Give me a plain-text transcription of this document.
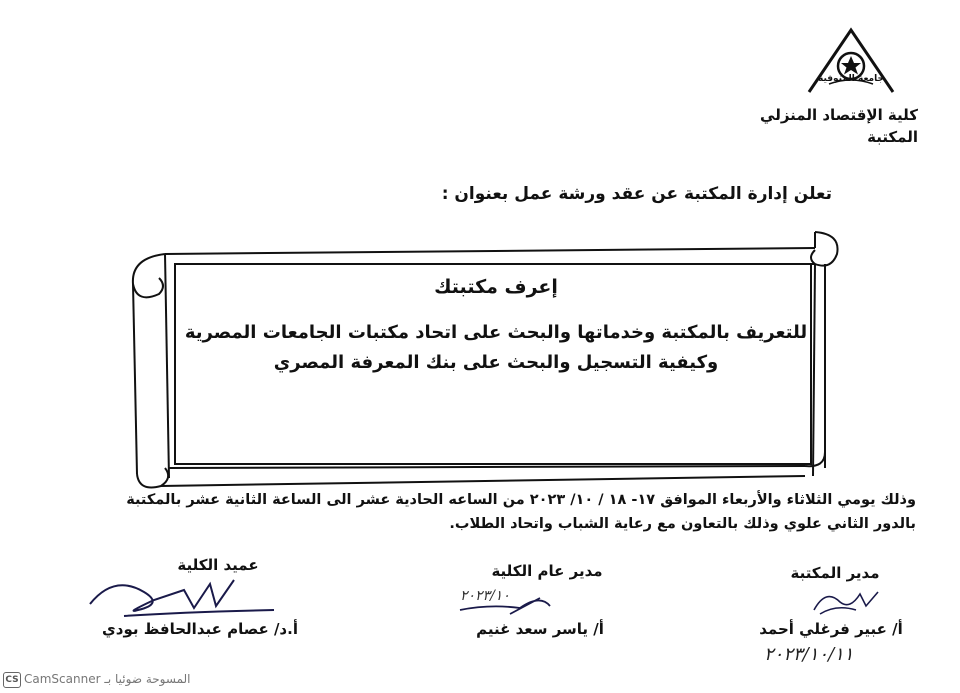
جامعة المنوفية
كلية الإقتصاد المنزلي
المكتبة
تعلن إدارة المكتبة عن عقد ورشة عمل بعنوان :
إعرف مكتبتك
للتعريف بالمكتبة وخدماتها والبحث على اتحاد مكتبات الجامعات المصرية
وكيفية التسجيل والبحث على بنك المعرفة المصري
وذلك يومي الثلاثاء والأربعاء الموافق ١٧- ١٨ / ١٠/ ٢٠٢٣ من الساعه الحادية عشر الى الساعة الثانية عشر بالمكتبة
بالدور الثاني علوي وذلك بالتعاون مع رعاية الشباب واتحاد الطلاب.
عميد الكلية
أ.د/ عصام عبدالحافظ بودي
مدير عام الكلية
أ/ ياسر سعد غنيم
٢٠٢٣/١٠
مدير المكتبة
أ/ عبير فرغلي أحمد
٢٠٢٣/١٠/١١
CS CamScanner المسوحة ضوئيا بـ
